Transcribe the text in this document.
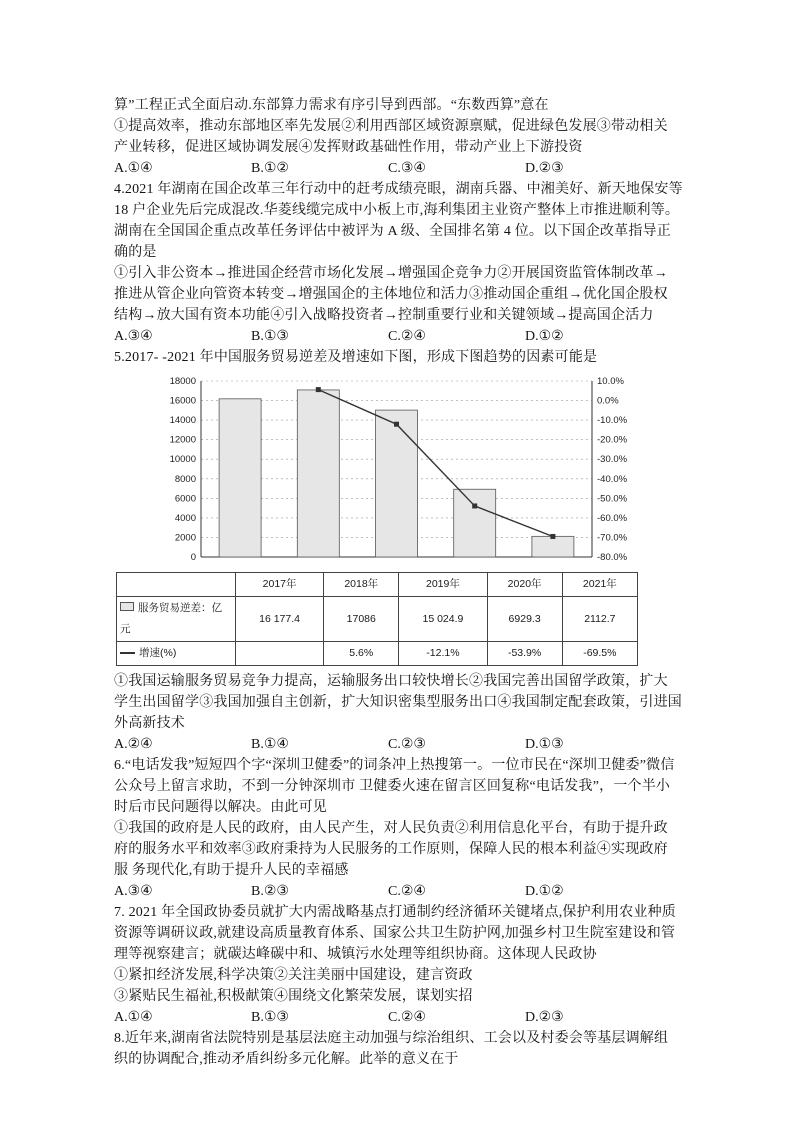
算”工程正式全面启动.东部算力需求有序引导到西部。“东数西算”意在
①提高效率，推动东部地区率先发展②利用西部区域资源禀赋，促进绿色发展③带动相关
产业转移，促进区域协调发展④发挥财政基础性作用，带动产业上下游投资
A.①④	B.①②	C.③④	D.②③
4.2021 年湖南在国企改革三年行动中的赶考成绩亮眼，湖南兵器、中湘美好、新天地保安等
18 户企业先后完成混改.华菱线缆完成中小板上市,海利集团主业资产整体上市推进顺利等。
湖南在全国国企重点改革任务评估中被评为 A 级、全国排名第 4 位。以下国企改革指导正
确的是
①引入非公资本→推进国企经营市场化发展→增强国企竞争力②开展国资监管体制改革→
推进从管企业向管资本转变→增强国企的主体地位和活力③推动国企重组→优化国企股权
结构→放大国有资本功能④引入战略投资者→控制重要行业和关键领域→提高国企活力
A.③④	B.①③	C.②④	D.①②
5.2017- -2021 年中国服务贸易逆差及增速如下图，形成下图趋势的因素可能是
18000	10.0%
16000	0.0%
14000	-10.0%
12000	-20.0%
10000	-30.0%
8000	-40.0%
6000	-50.0%
4000	-60.0%
2000	-70.0%
0	-80.0%
	2017年	2018年	2019年	2020年	2021年
服务贸易逆差：亿元	16 177.4	17086	15 024.9	6929.3	2112.7
增速(%)		5.6%	-12.1%	-53.9%	-69.5%
①我国运输服务贸易竞争力提高，运输服务出口较快增长②我国完善出国留学政策，扩大
学生出国留学③我国加强自主创新，扩大知识密集型服务出口④我国制定配套政策，引进国
外高新技术
A.②④	B.①④	C.②③	D.①③
6.“电话发我”短短四个字“深圳卫健委”的词条冲上热搜第一。一位市民在“深圳卫健委”微信
公众号上留言求助，不到一分钟深圳市 卫健委火速在留言区回复称“电话发我”，一个半小
时后市民问题得以解决。由此可见
①我国的政府是人民的政府，由人民产生，对人民负责②利用信息化平台，有助于提升政
府的服务水平和效率③政府秉持为人民服务的工作原则，保障人民的根本利益④实现政府
服 务现代化,有助于提升人民的幸福感
A.③④	B.②③	C.②④	D.①②
7. 2021 年全国政协委员就扩大内需战略基点打通制约经济循环关键堵点,保护利用农业种质
资源等调研议政,就建设高质量教育体系、国家公共卫生防护网,加强乡村卫生院室建设和管
理等视察建言；就碳达峰碳中和、城镇污水处理等组织协商。这体现人民政协
①紧扣经济发展,科学决策②关注美丽中国建设，建言资政
③紧贴民生福祉,积极献策④围绕文化繁荣发展，谋划实招
A.①④	B.①③	C.②④	D.②③
8.近年来,湖南省法院特别是基层法庭主动加强与综治组织、工会以及村委会等基层调解组
织的协调配合,推动矛盾纠纷多元化解。此举的意义在于
